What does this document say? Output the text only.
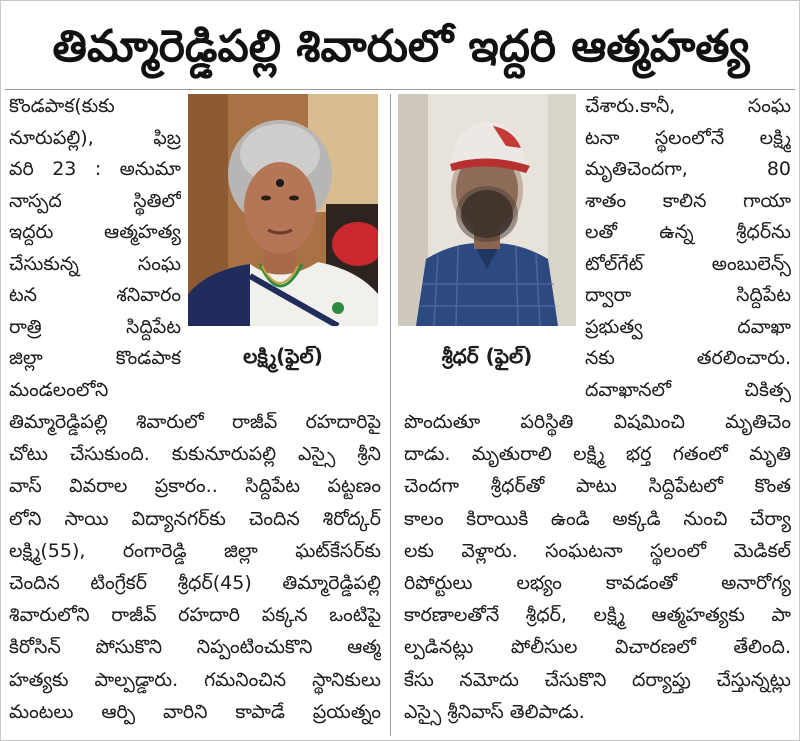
తిమ్మారెడ్డిపల్లి శివారులో ఇద్దరి ఆత్మహత్య
కొండపాక(కుకు
నూరుపల్లి), ఫిబ్ర
వరి 23 : అనుమా
నాస్పద స్థితిలో
ఇద్దరు ఆత్మహత్య
చేసుకున్న సంఘ
టన శనివారం
రాత్రి సిద్దిపేట
జిల్లా కొండపాక
మండలంలోని
లక్ష్మి(ఫైల్)
తిమ్మారెడ్డిపల్లి శివారులో రాజీవ్ రహదారిపై
చోటు చేసుకుంది. కుకునూరుపల్లి ఎస్సై శ్రీని
వాస్ వివరాల ప్రకారం.. సిద్దిపేట పట్టణం
లోని సాయి విద్యానగర్‌కు చెందిన శిరోద్కర్
లక్ష్మి(55), రంగారెడ్డి జిల్లా ఘట్‌కేసర్‌కు
చెందిన టింగ్రేకర్ శ్రీధర్(45) తిమ్మారెడ్డిపల్లి
శివారులోని రాజీవ్ రహదారి పక్కన ఒంటిపై
కిరోసిన్ పోసుకొని నిప్పంటించుకొని ఆత్మ
హత్యకు పాల్పడ్డారు. గమనించిన స్థానికులు
మంటలు ఆర్పి వారిని కాపాడే ప్రయత్నం
శ్రీధర్ (ఫైల్)
చేశారు.కానీ, సంఘ
టనా స్థలంలోనే లక్ష్మి
మృతిచెందగా, 80
శాతం కాలిన గాయా
లతో ఉన్న శ్రీధర్‌ను
టోల్‌గేట్ అంబులెన్స్
ద్వారా సిద్దిపేట
ప్రభుత్వ దవాఖా
నకు తరలించారు.
దవాఖానలో చికిత్స
పొందుతూ పరిస్థితి విషమించి మృతిచెం
దాడు. మృతురాలి లక్ష్మి భర్త గతంలో మృతి
చెందగా శ్రీధర్‌తో పాటు సిద్దిపేటలో కొంత
కాలం కిరాయికి ఉండి అక్కడి నుంచి చేర్యా
లకు వెళ్లారు. సంఘటనా స్థలంలో మెడికల్
రిపోర్టులు లభ్యం కావడంతో అనారోగ్య
కారణాలతోనే శ్రీధర్, లక్ష్మి ఆత్మహత్యకు పా
ల్పడినట్లు పోలీసుల విచారణలో తేలింది.
కేసు నమోదు చేసుకొని దర్యాప్తు చేస్తున్నట్లు
ఎస్సై శ్రీనివాస్ తెలిపాడు.
